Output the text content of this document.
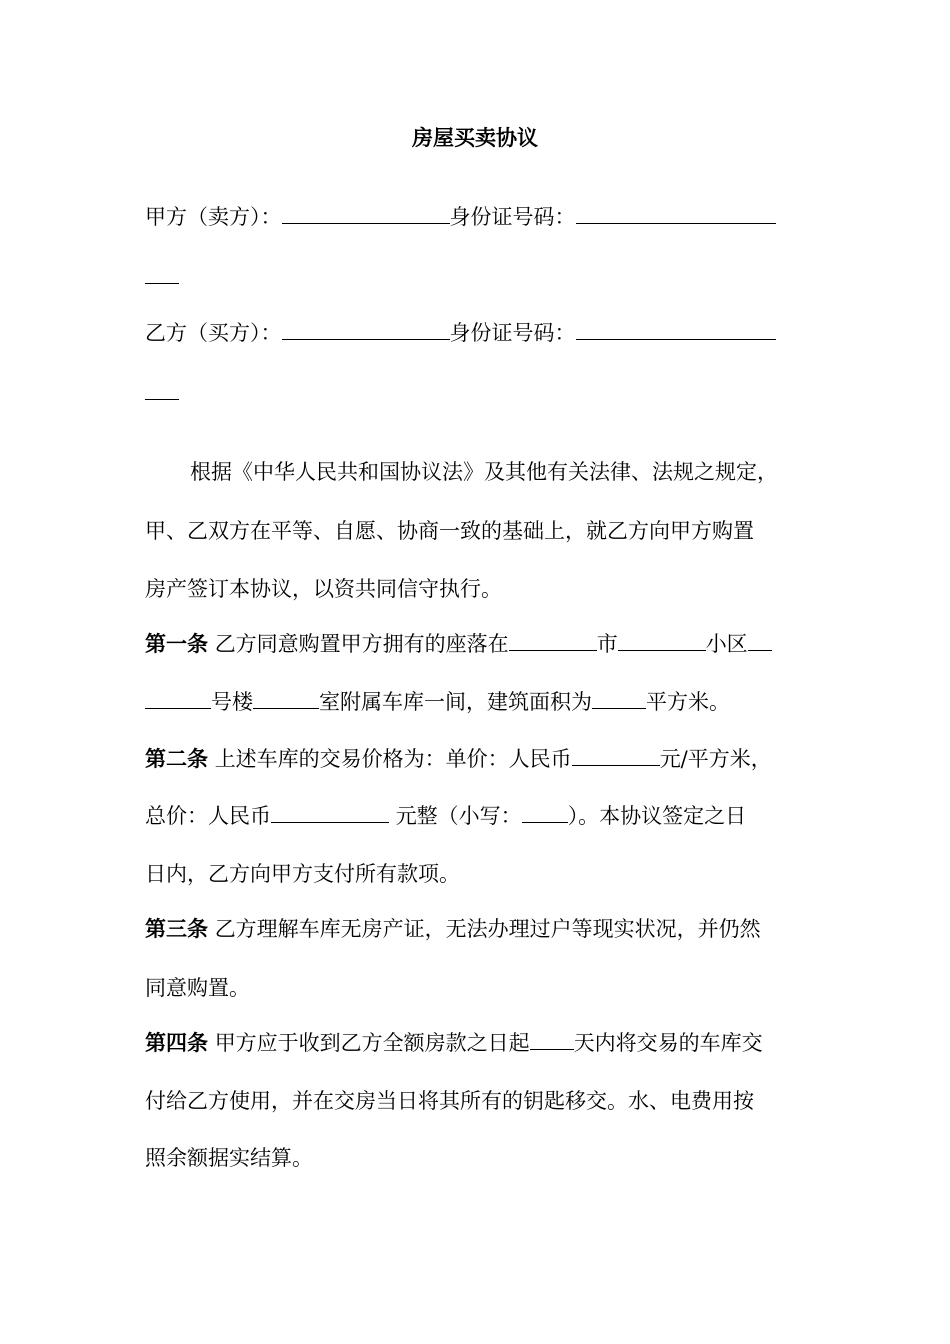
房屋买卖协议
甲方（卖方）：	身份证号码：
乙方（买方）：	身份证号码：
根据《中华人民共和国协议法》及其他有关法律、法规之规定，
甲、乙双方在平等、自愿、协商一致的基础上，就乙方向甲方购置
房产签订本协议，以资共同信守执行。
第一条 乙方同意购置甲方拥有的座落在	市	小区
号楼	室附属车库一间，建筑面积为	平方米。
第二条 上述车库的交易价格为：单价：人民币	元/平方米，
总价：人民币	元整（小写： ）。本协议签定之日
日内，乙方向甲方支付所有款项。
第三条 乙方理解车库无房产证，无法办理过户等现实状况，并仍然
同意购置。
第四条 甲方应于收到乙方全额房款之日起 天内将交易的车库交
付给乙方使用，并在交房当日将其所有的钥匙移交。水、电费用按
照余额据实结算。
